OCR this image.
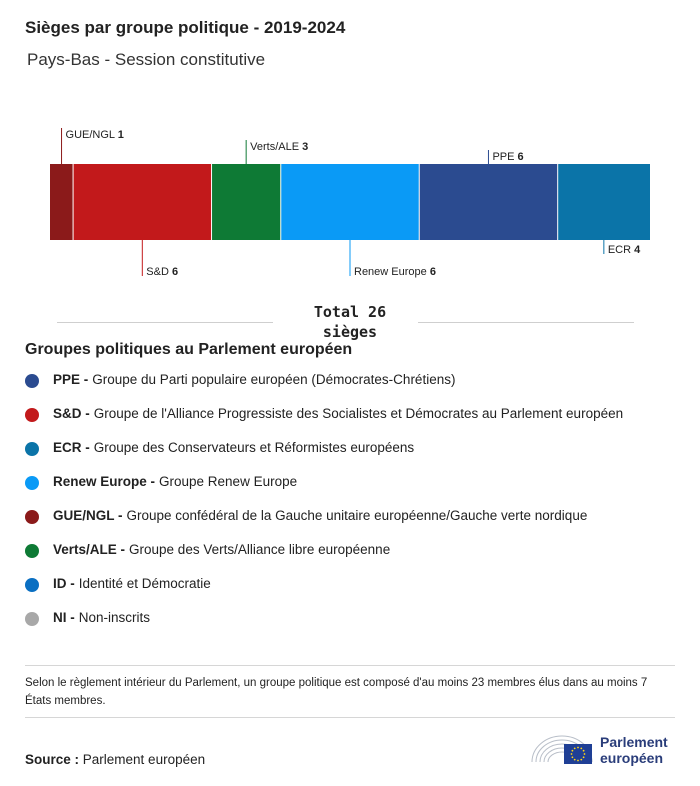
Sièges par groupe politique - 2019-2024
Pays-Bas - Session constitutive
GUE/NGL 1
S&D 6
Verts/ALE 3
Renew Europe 6
PPE 6
ECR 4
Total 26
sièges
Groupes politiques au Parlement européen
PPE - Groupe du Parti populaire européen (Démocrates-Chrétiens)
S&D - Groupe de l'Alliance Progressiste des Socialistes et Démocrates au Parlement européen
ECR - Groupe des Conservateurs et Réformistes européens
Renew Europe - Groupe Renew Europe
GUE/NGL - Groupe confédéral de la Gauche unitaire européenne/Gauche verte nordique
Verts/ALE - Groupe des Verts/Alliance libre européenne
ID - Identité et Démocratie
NI - Non-inscrits
Selon le règlement intérieur du Parlement, un groupe politique est composé d'au moins 23 membres élus dans au moins 7 États membres.
Source : Parlement européen
Parlement
européen
